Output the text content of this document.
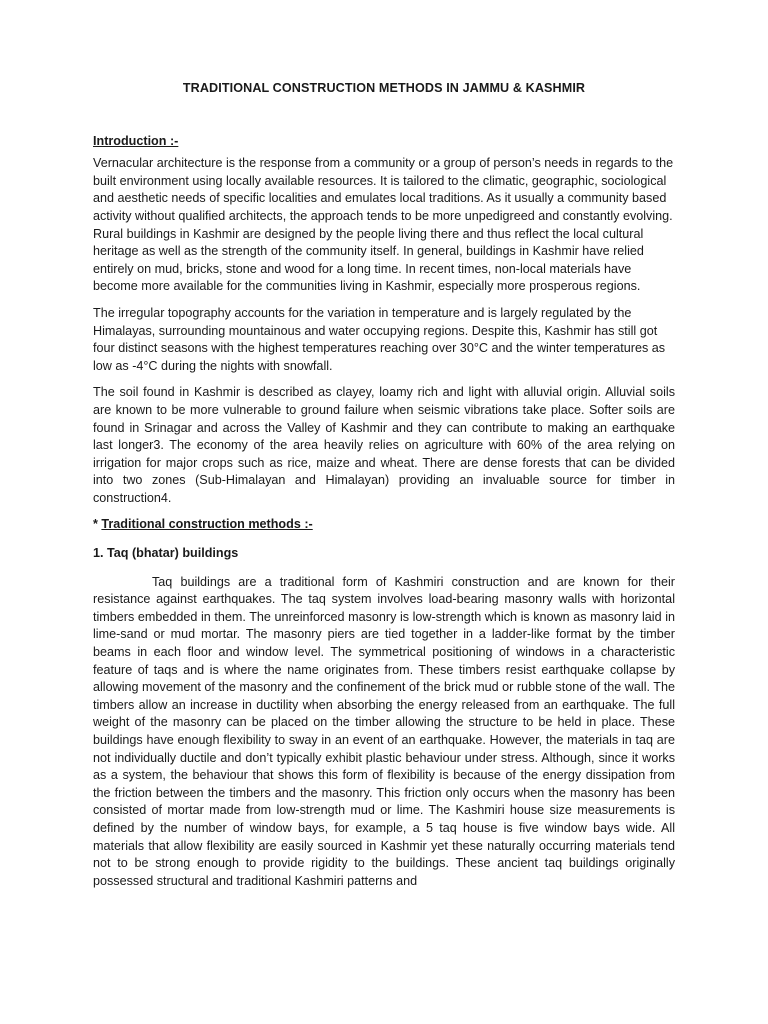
TRADITIONAL CONSTRUCTION METHODS IN JAMMU & KASHMIR
Introduction :-

Vernacular architecture is the response from a community or a group of person’s needs in regards to the built environment using locally available resources. It is tailored to the climatic, geographic, sociological and aesthetic needs of specific localities and emulates local traditions. As it usually a community based activity without qualified architects, the approach tends to be more unpedigreed and constantly evolving. Rural buildings in Kashmir are designed by the people living there and thus reflect the local cultural heritage as well as the strength of the community itself. In general, buildings in Kashmir have relied entirely on mud, bricks, stone and wood for a long time. In recent times, non-local materials have become more available for the communities living in Kashmir, especially more prosperous regions.

The irregular topography accounts for the variation in temperature and is largely regulated by the Himalayas, surrounding mountainous and water occupying regions. Despite this, Kashmir has still got four distinct seasons with the highest temperatures reaching over 30°C and the winter temperatures as low as -4°C during the nights with snowfall.

The soil found in Kashmir is described as clayey, loamy rich and light with alluvial origin. Alluvial soils are known to be more vulnerable to ground failure when seismic vibrations take place. Softer soils are found in Srinagar and across the Valley of Kashmir and they can contribute to making an earthquake last longer3. The economy of the area heavily relies on agriculture with 60% of the area relying on irrigation for major crops such as rice, maize and wheat. There are dense forests that can be divided into two zones (Sub-Himalayan and Himalayan) providing an invaluable source for timber in construction4.

* Traditional construction methods :-
1. Taq (bhatar) buildings

Taq buildings are a traditional form of Kashmiri construction and are known for their resistance against earthquakes. The taq system involves load-bearing masonry walls with horizontal timbers embedded in them. The unreinforced masonry is low-strength which is known as masonry laid in lime-sand or mud mortar. The masonry piers are tied together in a ladder-like format by the timber beams in each floor and window level. The symmetrical positioning of windows in a characteristic feature of taqs and is where the name originates from. These timbers resist earthquake collapse by allowing movement of the masonry and the confinement of the brick mud or rubble stone of the wall. The timbers allow an increase in ductility when absorbing the energy released from an earthquake. The full weight of the masonry can be placed on the timber allowing the structure to be held in place. These buildings have enough flexibility to sway in an event of an earthquake. However, the materials in taq are not individually ductile and don’t typically exhibit plastic behaviour under stress. Although, since it works as a system, the behaviour that shows this form of flexibility is because of the energy dissipation from the friction between the timbers and the masonry. This friction only occurs when the masonry has been consisted of mortar made from low-strength mud or lime. The Kashmiri house size measurements is defined by the number of window bays, for example, a 5 taq house is five window bays wide. All materials that allow flexibility are easily sourced in Kashmir yet these naturally occurring materials tend not to be strong enough to provide rigidity to the buildings. These ancient taq buildings originally possessed structural and traditional Kashmiri patterns and
